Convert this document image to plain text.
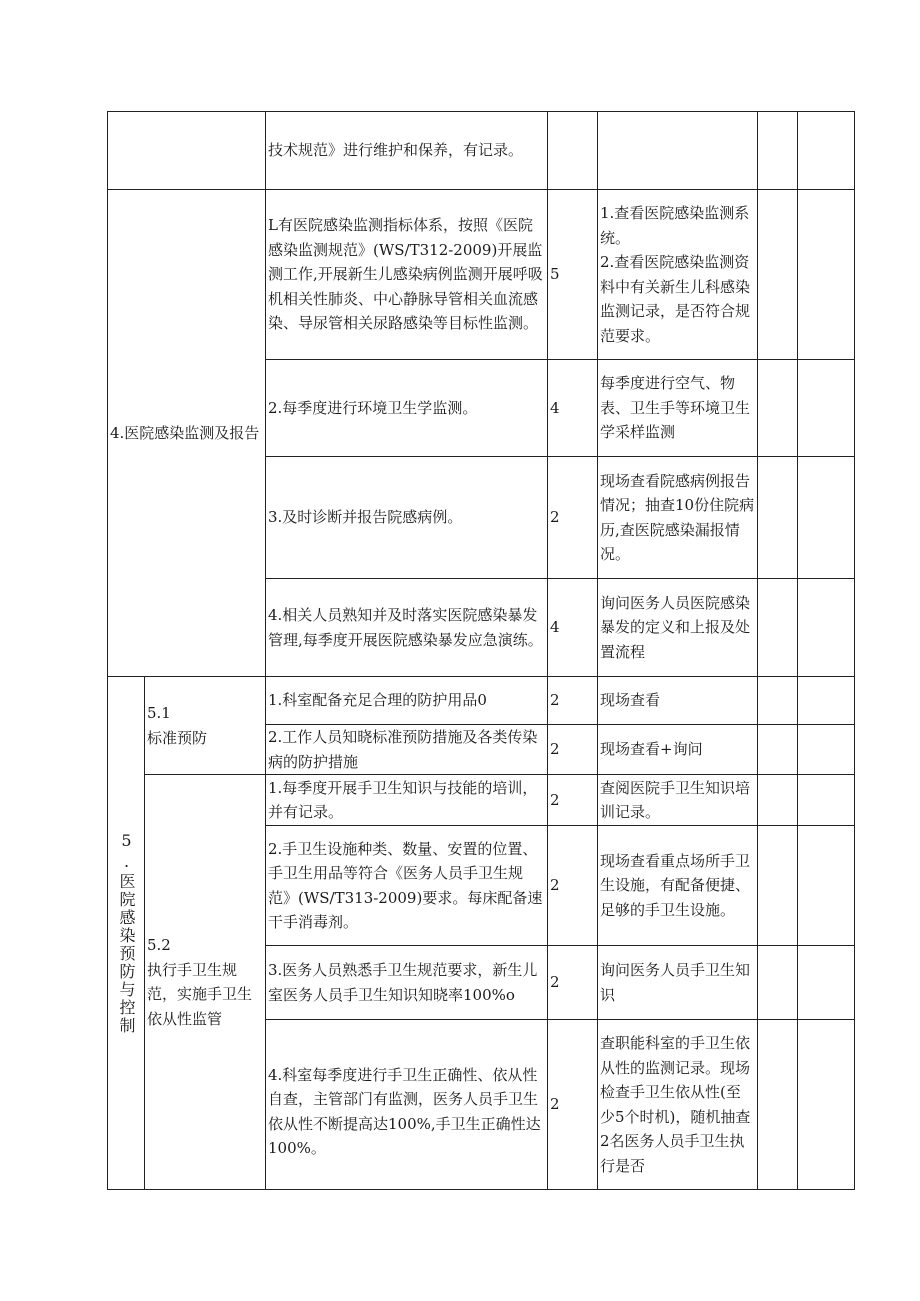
		技术规范》进行维护和保养，有记录。				
4.医院感染监测及报告		L有医院感染监测指标体系，按照《医院感染监测规范》(WS/T312-2009)开展监测工作,开展新生儿感染病例监测开展呼吸机相关性肺炎、中心静脉导管相关血流感染、导尿管相关尿路感染等目标性监测。	5	1.查看医院感染监测系统。
2.查看医院感染监测资料中有关新生儿科感染监测记录，是否符合规范要求。		
		2.每季度进行环境卫生学监测。	4	每季度进行空气、物表、卫生手等环境卫生学采样监测		
		3.及时诊断并报告院感病例。	2	现场查看院感病例报告情况；抽查10份住院病历,查医院感染漏报情况。		
		4.相关人员熟知并及时落实医院感染暴发管理,每季度开展医院感染暴发应急演练。	4	询问医务人员医院感染暴发的定义和上报及处置流程		

5.医院感染预防与控制	5.1
标准预防	1.科室配备充足合理的防护用品0	2	现场查看		
		2.工作人员知晓标准预防措施及各类传染病的防护措施	2	现场查看+询问		

	5.2
执行手卫生规范，实施手卫生依从性监管	1.每季度开展手卫生知识与技能的培训，并有记录。	2	查阅医院手卫生知识培训记录。		
		2.手卫生设施种类、数量、安置的位置、手卫生用品等符合《医务人员手卫生规范》(WS/T313-2009)要求。每床配备速干手消毒剂。	2	现场查看重点场所手卫生设施，有配备便捷、足够的手卫生设施。		
		3.医务人员熟悉手卫生规范要求，新生儿室医务人员手卫生知识知晓率100%o	2	询问医务人员手卫生知识		
		4.科室每季度进行手卫生正确性、依从性自查，主管部门有监测，医务人员手卫生依从性不断提高达100%,手卫生正确性达100%。	2	查职能科室的手卫生依从性的监测记录。现场检查手卫生依从性(至少5个时机)，随机抽查2名医务人员手卫生执行是否		
